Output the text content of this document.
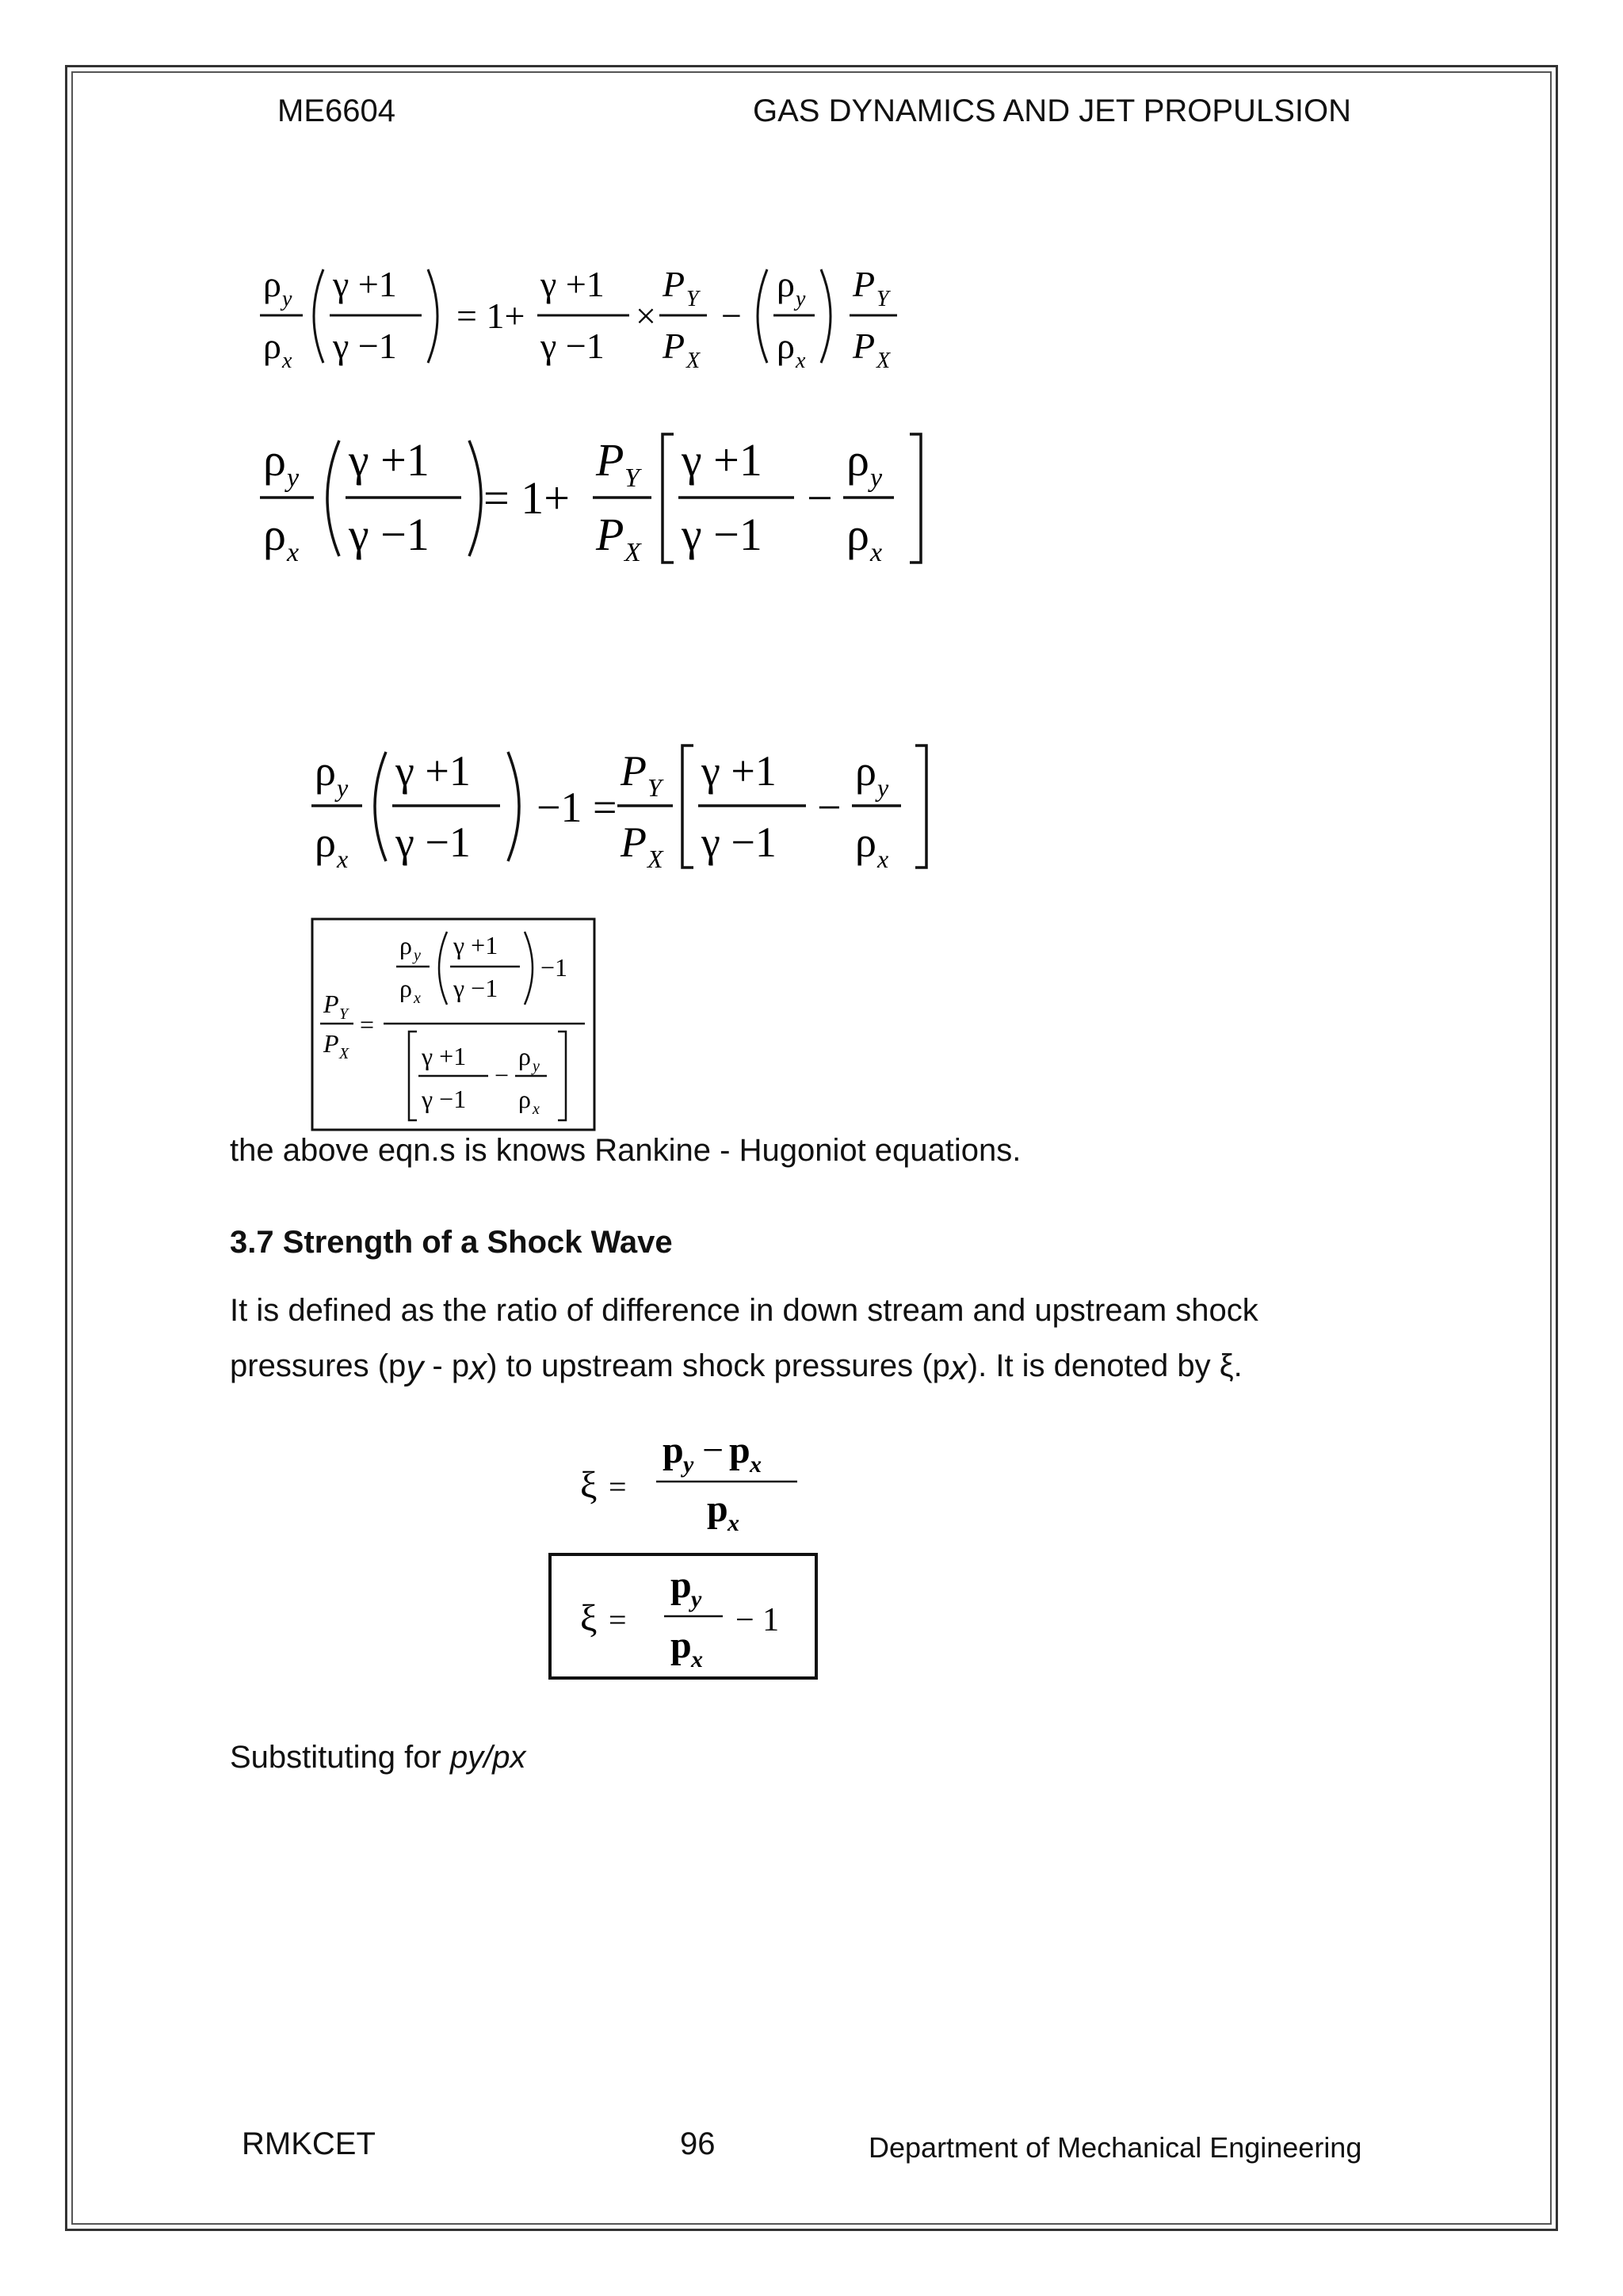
ME6604	GAS DYNAMICS AND JET PROPULSION
ρ y
ρ x
γ +1
γ −1
= 1+
γ +1
γ −1
×
P Y
P X
−
ρ y
ρ x
P Y
P X
ρ y
ρ x
γ +1
γ −1
= 1+
P Y
P X
γ +1
γ −1
−
ρ y
ρ x
ρ y
ρ x
γ +1
γ −1
−1 =
P Y
P X
γ +1
γ −1
−
ρ y
ρ x
P Y
P X
=
ρ y
ρ x
γ +1
γ −1
−1
γ +1
γ −1
−
ρ y
ρ x
the above eqn.s is knows Rankine - Hugoniot equations.
3.7 Strength of a Shock Wave
It is defined as the ratio of difference in down stream and upstream shock
pressures (py - px) to upstream shock pressures (px). It is denoted by ξ.
ξ =
p y − p x
p x
ξ =
p y
p x
− 1
Substituting for py/px
RMKCET	96	Department of Mechanical Engineering
